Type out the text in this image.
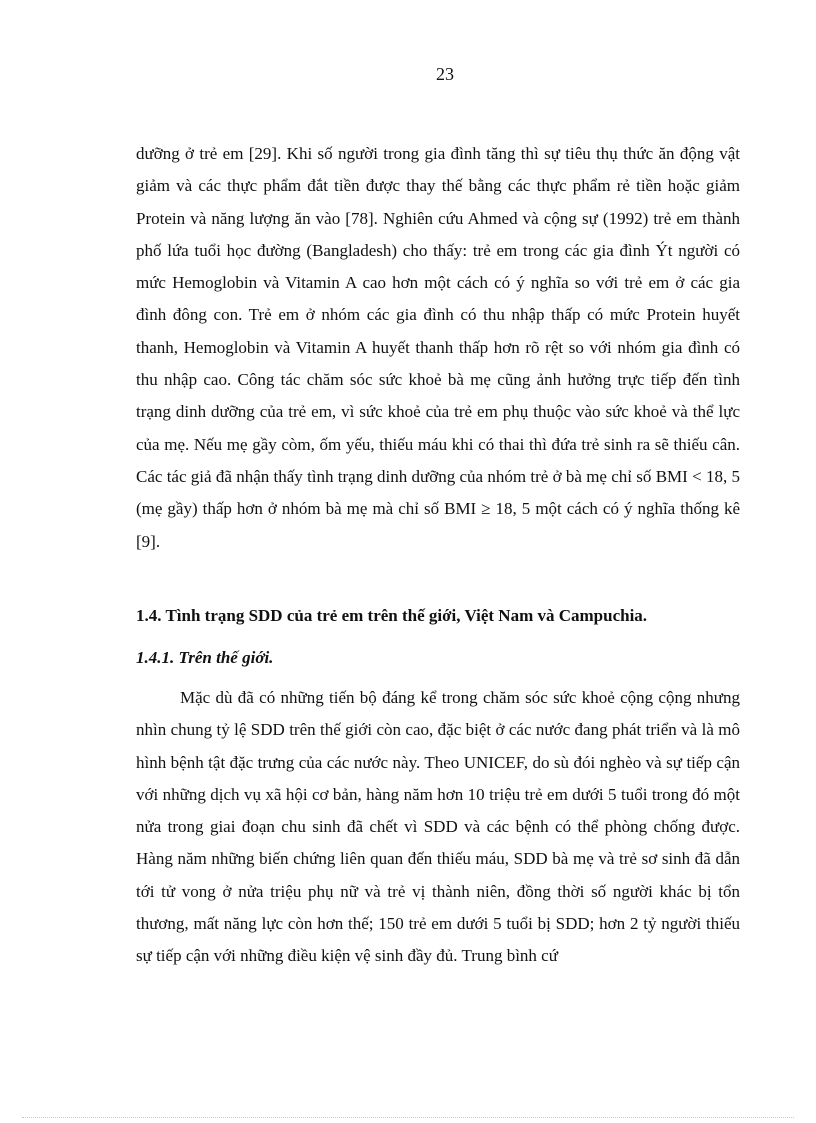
23

dưỡng ở trẻ em [29]. Khi số người trong gia đình tăng thì sự tiêu thụ thức ăn động vật giảm và các thực phẩm đắt tiền được thay thế bằng các thực phẩm rẻ tiền hoặc giảm Protein và năng lượng ăn vào [78]. Nghiên cứu Ahmed và cộng sự (1992) trẻ em thành phố lứa tuổi học đường (Bangladesh) cho thấy: trẻ em trong các gia đình Ýt người có mức Hemoglobin và Vitamin A cao hơn một cách có ý nghĩa so với trẻ em ở các gia đình đông con. Trẻ em ở nhóm các gia đình có thu nhập thấp có mức Protein huyết thanh, Hemoglobin và Vitamin A huyết thanh thấp hơn rõ rệt so với nhóm gia đình có thu nhập cao. Công tác chăm sóc sức khoẻ bà mẹ cũng ảnh hưởng trực tiếp đến tình trạng dinh dưỡng của trẻ em, vì sức khoẻ của trẻ em phụ thuộc vào sức khoẻ và thể lực của mẹ. Nếu mẹ gầy còm, ốm yếu, thiếu máu khi có thai thì đứa trẻ sinh ra sẽ thiếu cân. Các tác giả đã nhận thấy tình trạng dinh dưỡng của nhóm trẻ ở bà mẹ chỉ số BMI < 18, 5 (mẹ gầy) thấp hơn ở nhóm bà mẹ mà chỉ số BMI ≥ 18, 5 một cách có ý nghĩa thống kê [9].

1.4. Tình trạng SDD của trẻ em trên thế giới, Việt Nam và Campuchia.
1.4.1. Trên thế giới.

Mặc dù đã có những tiến bộ đáng kể trong chăm sóc sức khoẻ cộng cộng nhưng nhìn chung tỷ lệ SDD trên thế giới còn cao, đặc biệt ở các nước đang phát triển và là mô hình bệnh tật đặc trưng của các nước này. Theo UNICEF, do sù đói nghèo và sự tiếp cận với những dịch vụ xã hội cơ bản, hàng năm hơn 10 triệu trẻ em dưới 5 tuổi trong đó một nửa trong giai đoạn chu sinh đã chết vì SDD và các bệnh có thể phòng chống được. Hàng năm những biến chứng liên quan đến thiếu máu, SDD bà mẹ và trẻ sơ sinh đã dẫn tới tử vong ở nửa triệu phụ nữ và trẻ vị thành niên, đồng thời số người khác bị tổn thương, mất năng lực còn hơn thế; 150 trẻ em dưới 5 tuổi bị SDD; hơn 2 tỷ người thiếu sự tiếp cận với những điều kiện vệ sinh đầy đủ. Trung bình cứ
